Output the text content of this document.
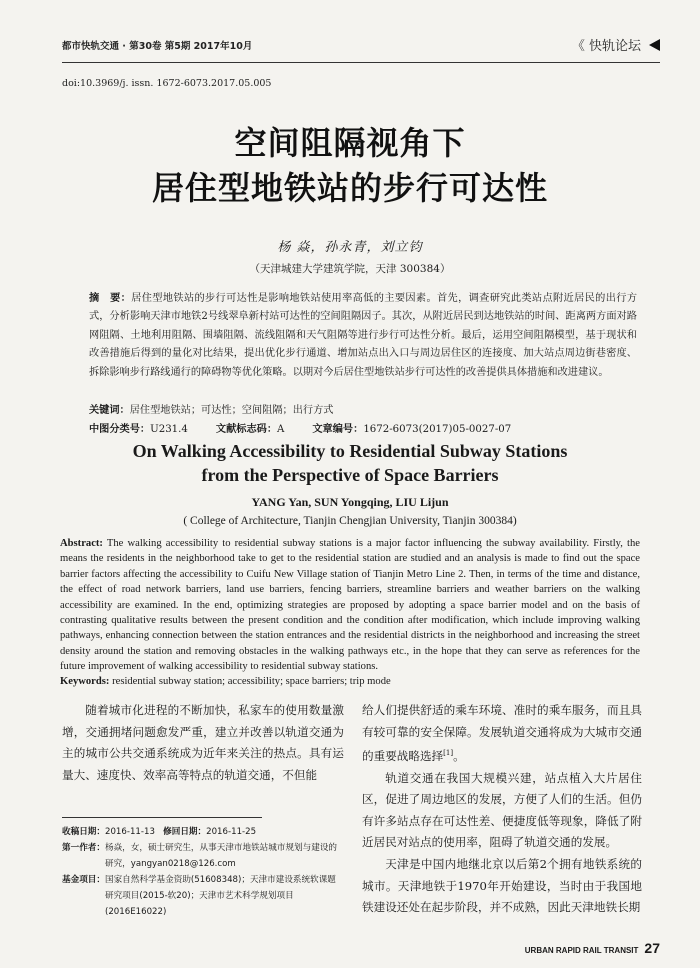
都市快轨交通 · 第30卷 第5期 2017年10月	《 快轨论坛
doi:10.3969/j. issn. 1672-6073.2017.05.005
空间阻隔视角下
居住型地铁站的步行可达性
杨 焱，孙永青，刘立钧
（天津城建大学建筑学院，天津 300384）
摘　要：居住型地铁站的步行可达性是影响地铁站使用率高低的主要因素。首先，调查研究此类站点附近居民的出行方式，分析影响天津市地铁2号线翠阜新村站可达性的空间阻隔因子。其次，从附近居民到达地铁站的时间、距离两方面对路网阻隔、土地利用阻隔、围墙阻隔、流线阻隔和天气阻隔等进行步行可达性分析。最后，运用空间阻隔模型，基于现状和改善措施后得到的量化对比结果，提出优化步行通道、增加站点出入口与周边居住区的连接度、加大站点周边街巷密度、拆除影响步行路线通行的障碍物等优化策略。以期对今后居住型地铁站步行可达性的改善提供具体措施和改进建议。
关键词：居住型地铁站；可达性；空间阻隔；出行方式
中图分类号：U231.4	文献标志码：A	文章编号：1672-6073(2017)05-0027-07
On Walking Accessibility to Residential Subway Stations
from the Perspective of Space Barriers
YANG Yan, SUN Yongqing, LIU Lijun
( College of Architecture, Tianjin Chengjian University, Tianjin 300384)
Abstract: The walking accessibility to residential subway stations is a major factor influencing the subway availability. Firstly, the means the residents in the neighborhood take to get to the residential station are studied and an analysis is made to find out the space barrier factors affecting the accessibility to Cuifu New Village station of Tianjin Metro Line 2. Then, in terms of the time and distance, the effect of road network barriers, land use barriers, fencing barriers, streamline barriers and weather barriers on the walking accessibility are examined. In the end, optimizing strategies are proposed by adopting a space barrier model and on the basis of contrasting qualitative results between the present condition and the condition after modification, which include improving walking pathways, enhancing connection between the station entrances and the residential districts in the neighborhood and increasing the street density around the station and removing obstacles in the walking pathways etc., in the hope that they can serve as references for the future improvement of walking accessibility to residential subway stations.
Keywords: residential subway station; accessibility; space barriers; trip mode

随着城市化进程的不断加快，私家车的使用数量激增，交通拥堵问题愈发严重，建立并改善以轨道交通为主的城市公共交通系统成为近年来关注的热点。具有运量大、速度快、效率高等特点的轨道交通，不但能

收稿日期：2016-11-13 修回日期：2016-11-25
第一作者： 杨焱，女，硕士研究生，从事天津市地铁站城市规划与建设的研究，yangyan0218@126.com
基金项目： 国家自然科学基金资助(51608348)；天津市建设系统软课题研究项目(2015-软20)；天津市艺术科学规划项目(2016E16022)

给人们提供舒适的乘车环境、准时的乘车服务，而且具有较可靠的安全保障。发展轨道交通将成为大城市交通的重要战略选择[1]。

轨道交通在我国大规模兴建，站点植入大片居住区，促进了周边地区的发展，方便了人们的生活。但仍有许多站点存在可达性差、便捷度低等现象，降低了附近居民对站点的使用率，阻碍了轨道交通的发展。

天津是中国内地继北京以后第2个拥有地铁系统的城市。天津地铁于1970年开始建设，当时由于我国地铁建设还处在起步阶段，并不成熟，因此天津地铁长期

URBAN RAPID RAIL TRANSIT 27
